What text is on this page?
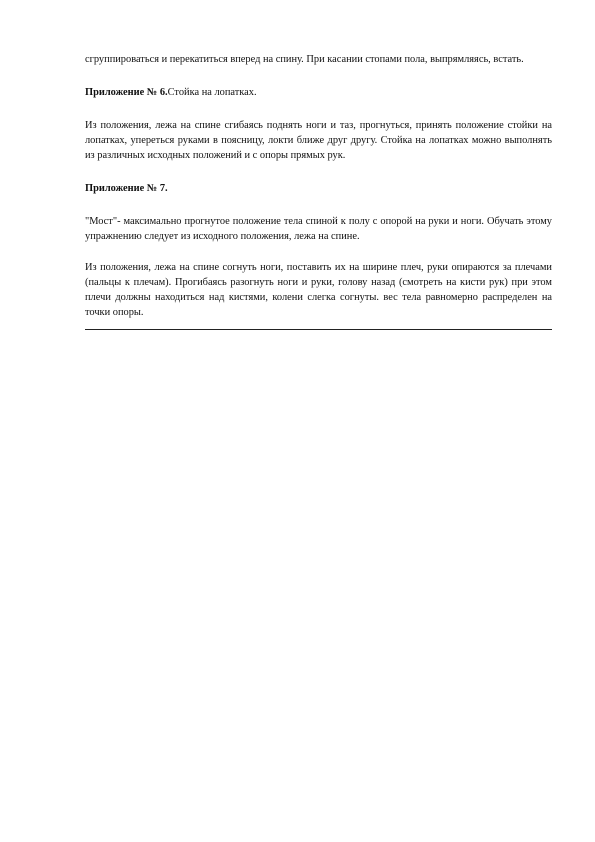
сгруппироваться и перекатиться вперед на спину. При касании стопами пола, выпрямляясь, встать.

Приложение № 6.Стойка на лопатках.

Из положения, лежа на спине сгибаясь поднять ноги и таз, прогнуться, принять положение стойки на лопатках, упереться руками в поясницу, локти ближе друг другу. Стойка на лопатках можно выполнять из различных исходных положений и с опоры прямых рук.

Приложение № 7.

"Мост"- максимально прогнутое положение тела спиной к полу с опорой на руки и ноги. Обучать этому упражнению следует из исходного положения, лежа на спине.

Из положения, лежа на спине согнуть ноги, поставить их на ширине плеч, руки опираются за плечами (пальцы к плечам). Прогибаясь разогнуть ноги и руки, голову назад (смотреть на кисти рук) при этом плечи должны находиться над кистями, колени слегка согнуты. вес тела равномерно распределен на точки опоры.
